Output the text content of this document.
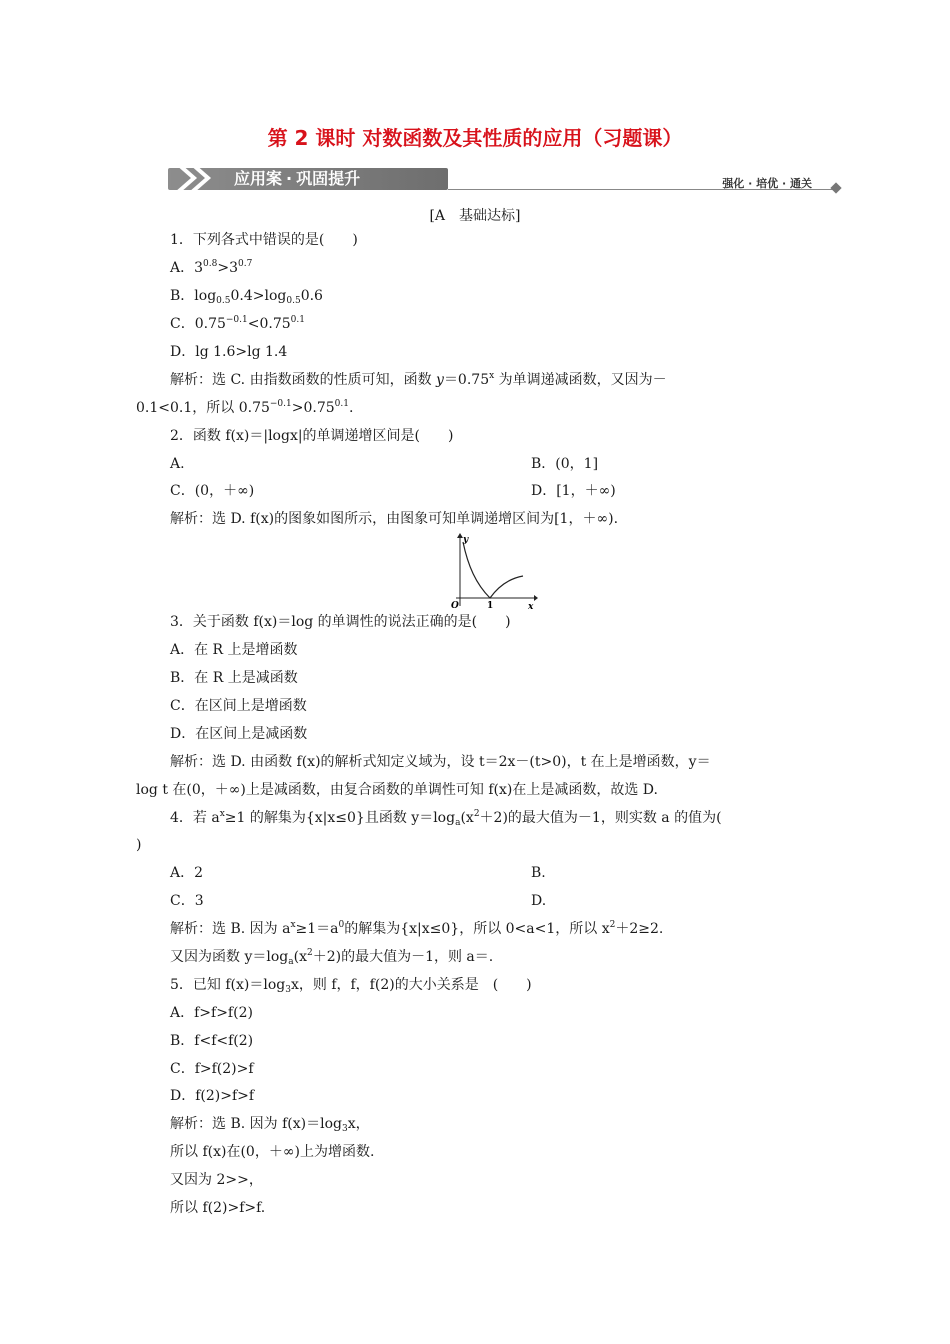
第 2 课时 对数函数及其性质的应用（习题课）
应用案 · 巩固提升	强化 · 培优 · 通关
[A　基础达标]
1．下列各式中错误的是(　　)
A．$3^{0.8}>3^{0.7}$
B．$\log_{0.5}0.4>\log_{0.5}0.6$
C．$0.75^{-0.1}<0.75^{0.1}$
D．lg 1.6>lg 1.4
解析：选 C. 由指数函数的性质可知，函数 $y=0.75^x$ 为单调递减函数，又因为－
0.1<0.1，所以 $0.75^{-0.1}>0.75^{0.1}$.
2．函数 f(x)＝|logx|的单调递增区间是(　　)
A.	B．(0，1]
C．(0，＋∞)	D．[1，＋∞)
解析：选 D. f(x)的图象如图所示，由图象可知单调递增区间为[1，＋∞).
y
x
O	1
3．关于函数 f(x)＝log 的单调性的说法正确的是(　　)
A．在 R 上是增函数
B．在 R 上是减函数
C．在区间上是增函数
D．在区间上是减函数
解析：选 D. 由函数 f(x)的解析式知定义域为，设 t＝2x－(t>0)，t 在上是增函数，y＝
log t 在(0，＋∞)上是减函数，由复合函数的单调性可知 f(x)在上是减函数，故选 D.
4．若 $a^x\ge 1$ 的解集为{x|x≤0}且函数 $y=\log_a(x^2+2)$的最大值为－1，则实数 a 的值为(
)
A．2	B.
C．3	D.
解析：选 B. 因为 $a^x\ge 1=a^0$的解集为{x|x≤0}，所以 0<a<1，所以 $x^2+2\ge 2$.
又因为函数 $y=\log_a(x^2+2)$的最大值为－1，则 a＝.
5．已知 $f(x)=\log_3x$，则 f，f，f(2)的大小关系是　(　　)
A．f>f>f(2)
B．f<f<f(2)
C．f>f(2)>f
D．f(2)>f>f
解析：选 B. 因为 $f(x)=\log_3x$，
所以 f(x)在(0，＋∞)上为增函数.
又因为 2>>，
所以 f(2)>f>f.
